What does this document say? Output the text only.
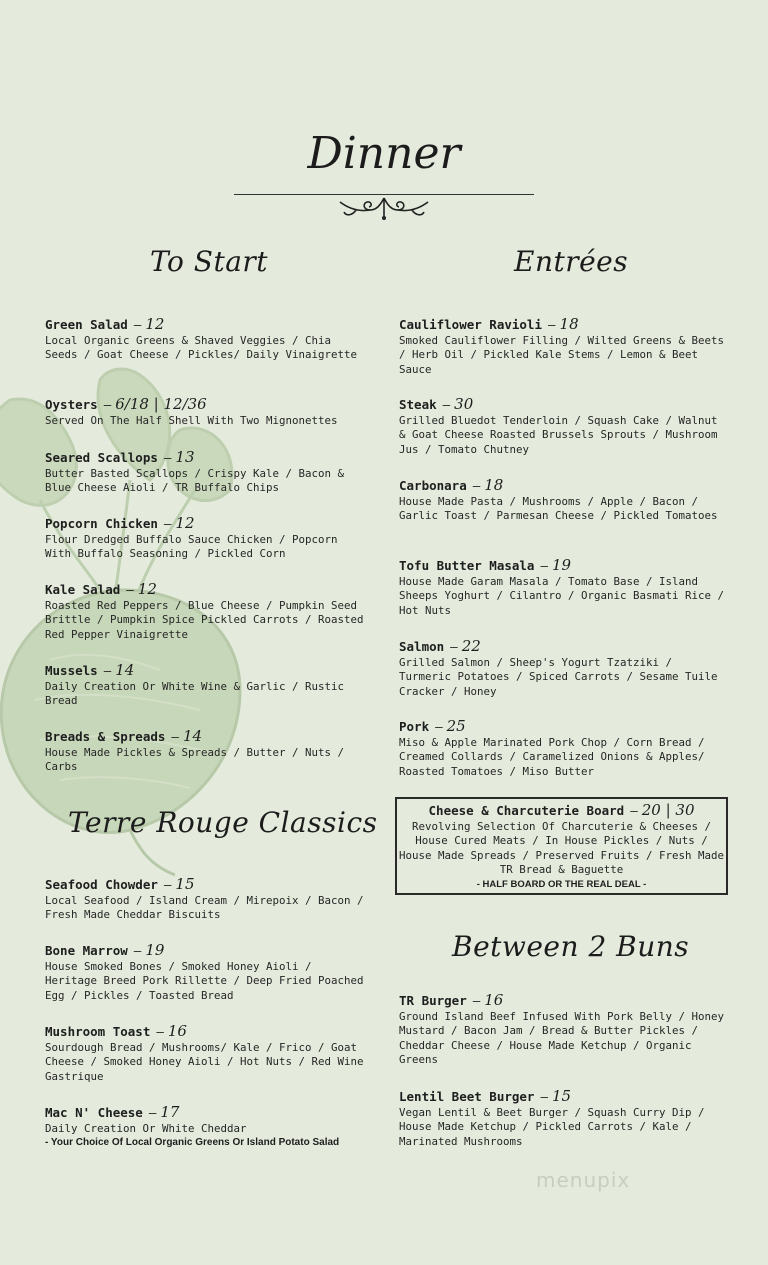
Dinner
To Start	Entrées
Terre Rouge Classics
Between 2 Buns
Green Salad — 12
Local Organic Greens & Shaved Veggies / Chia Seeds / Goat Cheese / Pickles/ Daily Vinaigrette
Oysters — 6/18 | 12/36
Served On The Half Shell With Two Mignonettes
Seared Scallops — 13
Butter Basted Scallops / Crispy Kale / Bacon & Blue Cheese Aioli / TR Buffalo Chips
Popcorn Chicken — 12
Flour Dredged Buffalo Sauce Chicken / Popcorn With Buffalo Seasoning / Pickled Corn
Kale Salad — 12
Roasted Red Peppers / Blue Cheese / Pumpkin Seed Brittle / Pumpkin Spice Pickled Carrots / Roasted Red Pepper Vinaigrette
Mussels — 14
Daily Creation Or White Wine & Garlic / Rustic Bread
Breads & Spreads — 14
House Made Pickles & Spreads / Butter / Nuts / Carbs
Seafood Chowder — 15
Local Seafood / Island Cream / Mirepoix / Bacon / Fresh Made Cheddar Biscuits
Bone Marrow — 19
House Smoked Bones / Smoked Honey Aioli / Heritage Breed Pork Rillette / Deep Fried Poached Egg / Pickles / Toasted Bread
Mushroom Toast — 16
Sourdough Bread / Mushrooms/ Kale / Frico / Goat Cheese / Smoked Honey Aioli / Hot Nuts / Red Wine Gastrique
Mac N' Cheese — 17
Daily Creation Or White Cheddar
- Your Choice Of Local Organic Greens Or Island Potato Salad
Cauliflower Ravioli — 18
Smoked Cauliflower Filling / Wilted Greens & Beets / Herb Oil / Pickled Kale Stems / Lemon & Beet Sauce
Steak — 30
Grilled Bluedot Tenderloin / Squash Cake / Walnut & Goat Cheese Roasted Brussels Sprouts / Mushroom Jus / Tomato Chutney
Carbonara — 18
House Made Pasta / Mushrooms / Apple / Bacon / Garlic Toast / Parmesan Cheese / Pickled Tomatoes
Tofu Butter Masala — 19
House Made Garam Masala / Tomato Base / Island Sheeps Yoghurt / Cilantro / Organic Basmati Rice / Hot Nuts
Salmon — 22
Grilled Salmon / Sheep's Yogurt Tzatziki / Turmeric Potatoes / Spiced Carrots / Sesame Tuile Cracker / Honey
Pork — 25
Miso & Apple Marinated Pork Chop / Corn Bread / Creamed Collards / Caramelized Onions & Apples/ Roasted Tomatoes / Miso Butter
Cheese & Charcuterie Board — 20 | 30
Revolving Selection Of Charcuterie & Cheeses / House Cured Meats / In House Pickles / Nuts / House Made Spreads / Preserved Fruits / Fresh Made TR Bread & Baguette
- HALF BOARD OR THE REAL DEAL -
TR Burger — 16
Ground Island Beef Infused With Pork Belly / Honey Mustard / Bacon Jam / Bread & Butter Pickles / Cheddar Cheese / House Made Ketchup / Organic Greens
Lentil Beet Burger — 15
Vegan Lentil & Beet Burger / Squash Curry Dip / House Made Ketchup / Pickled Carrots / Kale / Marinated Mushrooms
menupix
